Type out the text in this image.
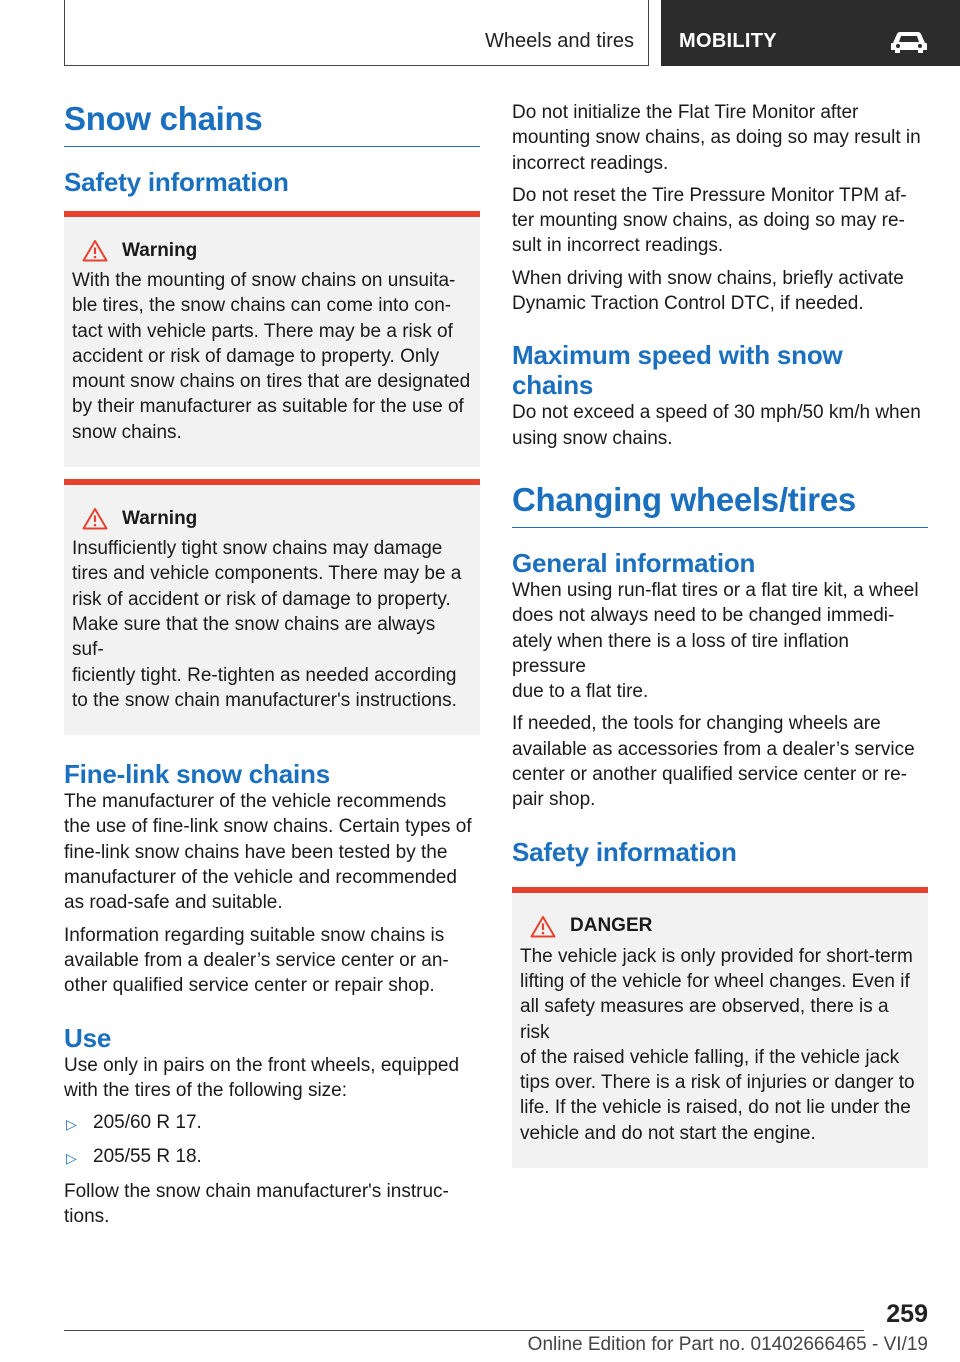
Wheels and tires MOBILITY
Snow chains
Safety information
Warning

With the mounting of snow chains on unsuita-
ble tires, the snow chains can come into con-
tact with vehicle parts. There may be a risk of
accident or risk of damage to property. Only
mount snow chains on tires that are designated
by their manufacturer as suitable for the use of
snow chains.

Warning

Insufficiently tight snow chains may damage
tires and vehicle components. There may be a
risk of accident or risk of damage to property.
Make sure that the snow chains are always suf-
ficiently tight. Re-tighten as needed according
to the snow chain manufacturer's instructions.

Fine-link snow chains

The manufacturer of the vehicle recommends
the use of fine-link snow chains. Certain types of
fine-link snow chains have been tested by the
manufacturer of the vehicle and recommended
as road-safe and suitable.

Information regarding suitable snow chains is
available from a dealer’s service center or an-
other qualified service center or repair shop.

Use

Use only in pairs on the front wheels, equipped
with the tires of the following size:

▷ 205/60 R 17.
▷ 205/55 R 18.

Follow the snow chain manufacturer's instruc-
tions.

Do not initialize the Flat Tire Monitor after
mounting snow chains, as doing so may result in
incorrect readings.

Do not reset the Tire Pressure Monitor TPM af-
ter mounting snow chains, as doing so may re-
sult in incorrect readings.

When driving with snow chains, briefly activate
Dynamic Traction Control DTC, if needed.

Maximum speed with snow
chains

Do not exceed a speed of 30 mph/50 km/h when
using snow chains.

Changing wheels/tires
General information

When using run-flat tires or a flat tire kit, a wheel
does not always need to be changed immedi-
ately when there is a loss of tire inflation pressure
due to a flat tire.

If needed, the tools for changing wheels are
available as accessories from a dealer’s service
center or another qualified service center or re-
pair shop.

Safety information
DANGER

The vehicle jack is only provided for short-term
lifting of the vehicle for wheel changes. Even if
all safety measures are observed, there is a risk
of the raised vehicle falling, if the vehicle jack
tips over. There is a risk of injuries or danger to
life. If the vehicle is raised, do not lie under the
vehicle and do not start the engine.

259
Online Edition for Part no. 01402666465 - VI/19
